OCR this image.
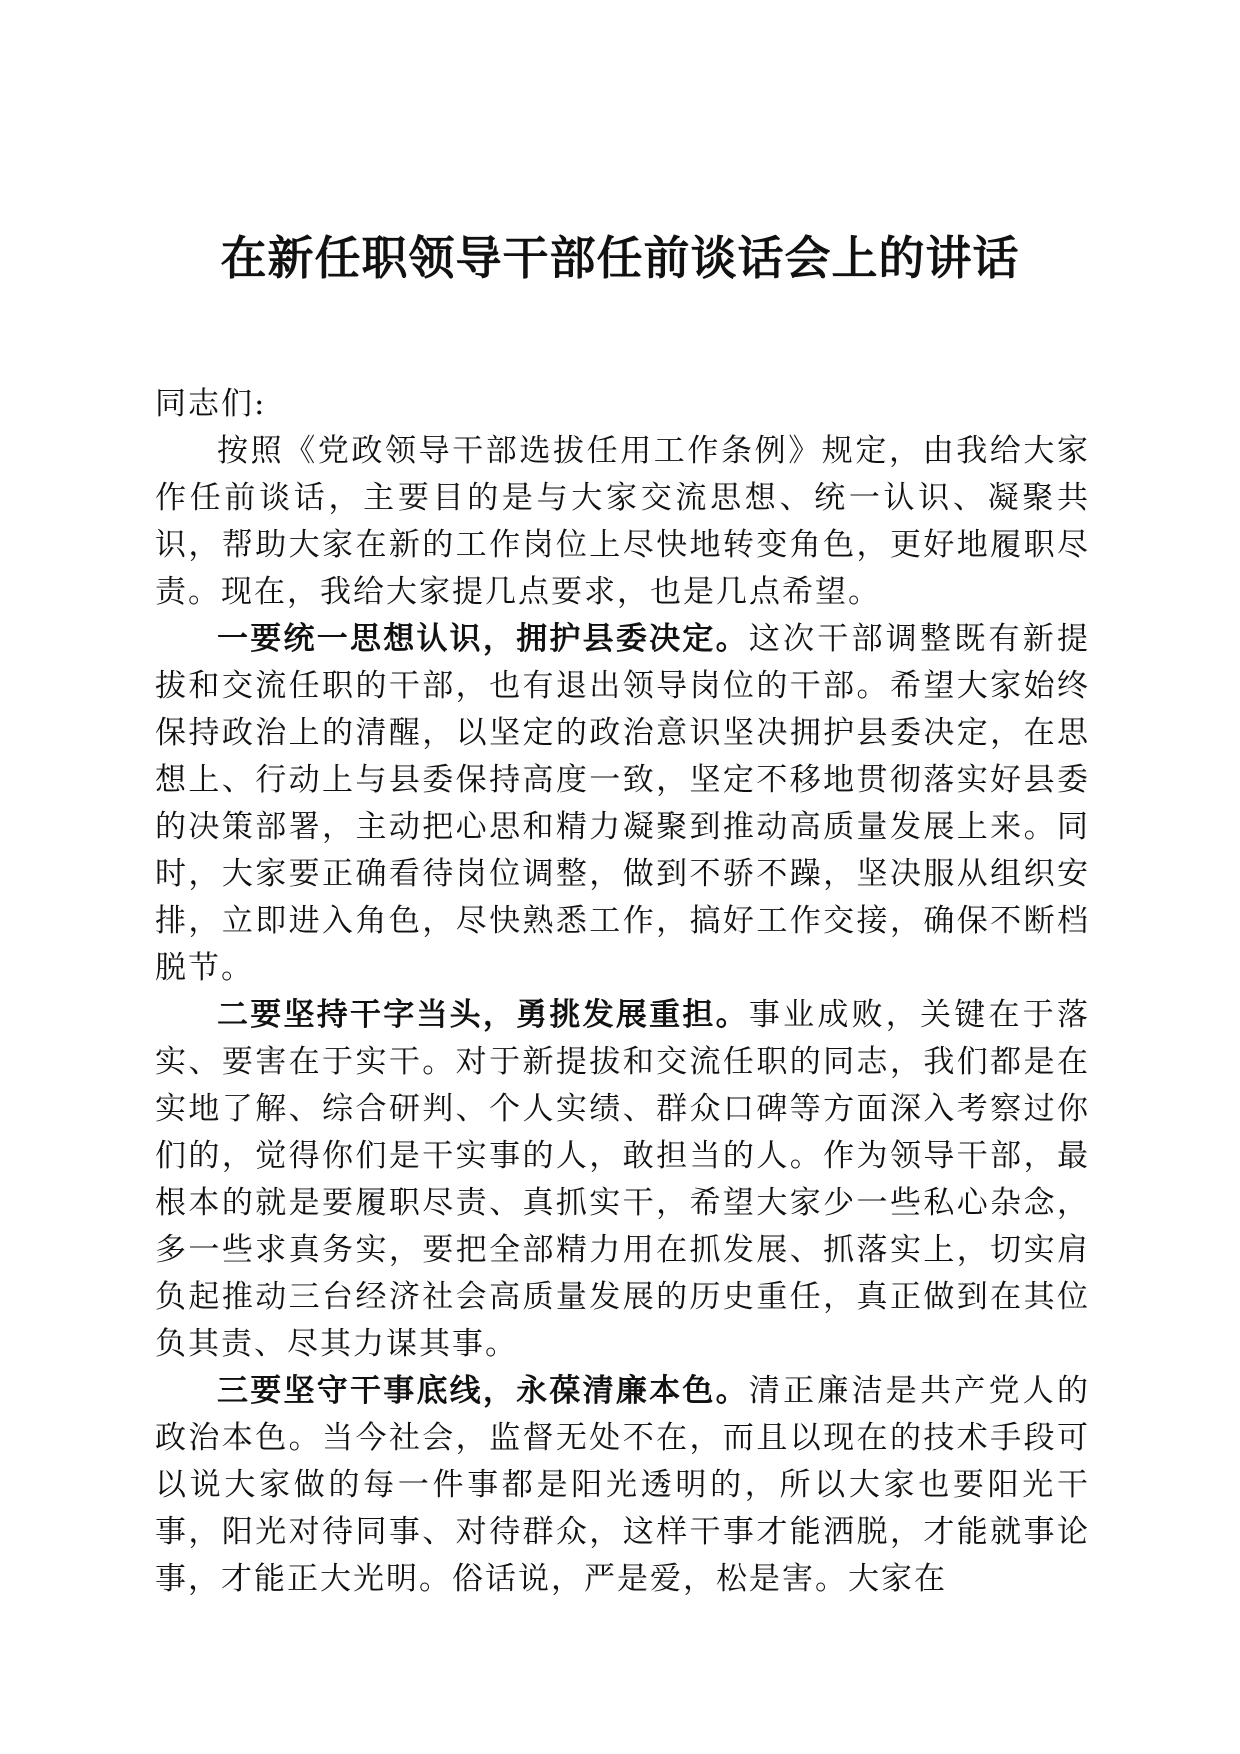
在新任职领导干部任前谈话会上的讲话

同志们:

按照《党政领导干部选拔任用工作条例》规定，由我给大家作任前谈话，主要目的是与大家交流思想、统一认识、凝聚共识，帮助大家在新的工作岗位上尽快地转变角色，更好地履职尽责。现在，我给大家提几点要求，也是几点希望。

一要统一思想认识，拥护县委决定。这次干部调整既有新提拔和交流任职的干部，也有退出领导岗位的干部。希望大家始终保持政治上的清醒，以坚定的政治意识坚决拥护县委决定，在思想上、行动上与县委保持高度一致，坚定不移地贯彻落实好县委的决策部署，主动把心思和精力凝聚到推动高质量发展上来。同时，大家要正确看待岗位调整，做到不骄不躁，坚决服从组织安排，立即进入角色，尽快熟悉工作，搞好工作交接，确保不断档脱节。

二要坚持干字当头，勇挑发展重担。事业成败，关键在于落实、要害在于实干。对于新提拔和交流任职的同志，我们都是在实地了解、综合研判、个人实绩、群众口碑等方面深入考察过你们的，觉得你们是干实事的人，敢担当的人。作为领导干部，最根本的就是要履职尽责、真抓实干，希望大家少一些私心杂念，多一些求真务实，要把全部精力用在抓发展、抓落实上，切实肩负起推动三台经济社会高质量发展的历史重任，真正做到在其位负其责、尽其力谋其事。

三要坚守干事底线，永葆清廉本色。清正廉洁是共产党人的政治本色。当今社会，监督无处不在，而且以现在的技术手段可以说大家做的每一件事都是阳光透明的，所以大家也要阳光干事，阳光对待同事、对待群众，这样干事才能洒脱，才能就事论事，才能正大光明。俗话说，严是爱，松是害。大家在
